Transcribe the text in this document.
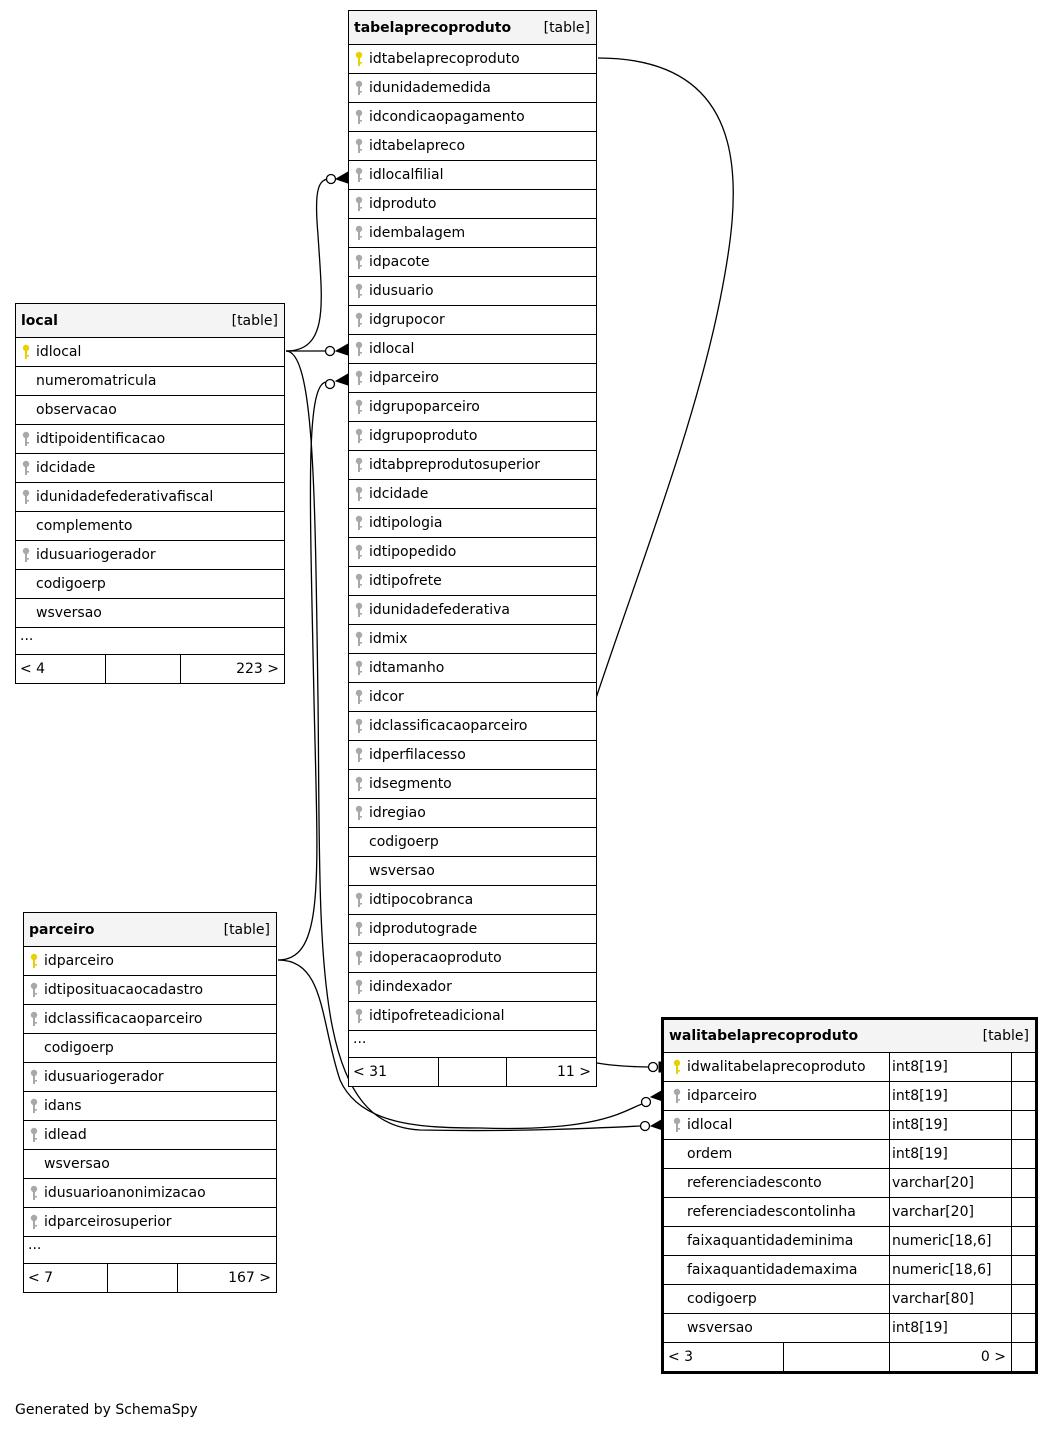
tabelaprecoproduto [table]
idtabelaprecoproduto
idunidademedida
idcondicaopagamento
idtabelapreco
idlocalfilial
idproduto
idembalagem
idpacote
idusuario
idgrupocor
idlocal
idparceiro
idgrupoparceiro
idgrupoproduto
idtabpreprodutosuperior
idcidade
idtipologia
idtipopedido
idtipofrete
idunidadefederativa
idmix
idtamanho
idcor
idclassificacaoparceiro
idperfilacesso
idsegmento
idregiao
codigoerp
wsversao
idtipocobranca
idprodutograde
idoperacaoproduto
idindexador
idtipofreteadicional
...
< 31	11 >
local	[table]
idlocal
numeromatricula
observacao
idtipoidentificacao
idcidade
idunidadefederativafiscal
complemento
idusuariogerador
codigoerp
wsversao
...
< 4	223 >
parceiro	[table]
idparceiro
idtiposituacaocadastro
idclassificacaoparceiro
codigoerp
idusuariogerador
idans
idlead
wsversao
idusuarioanonimizacao
idparceirosuperior
...
< 7	167 >
walitabelaprecoproduto	[table]
idwalitabelaprecoproduto	int8[19]
idparceiro	int8[19]
idlocal	int8[19]
ordem	int8[19]
referenciadesconto	varchar[20]
referenciadescontolinha	varchar[20]
faixaquantidademinima	numeric[18,6]
faixaquantidademaxima	numeric[18,6]
codigoerp	varchar[80]
wsversao	int8[19]
< 3	0 >
Generated by SchemaSpy
